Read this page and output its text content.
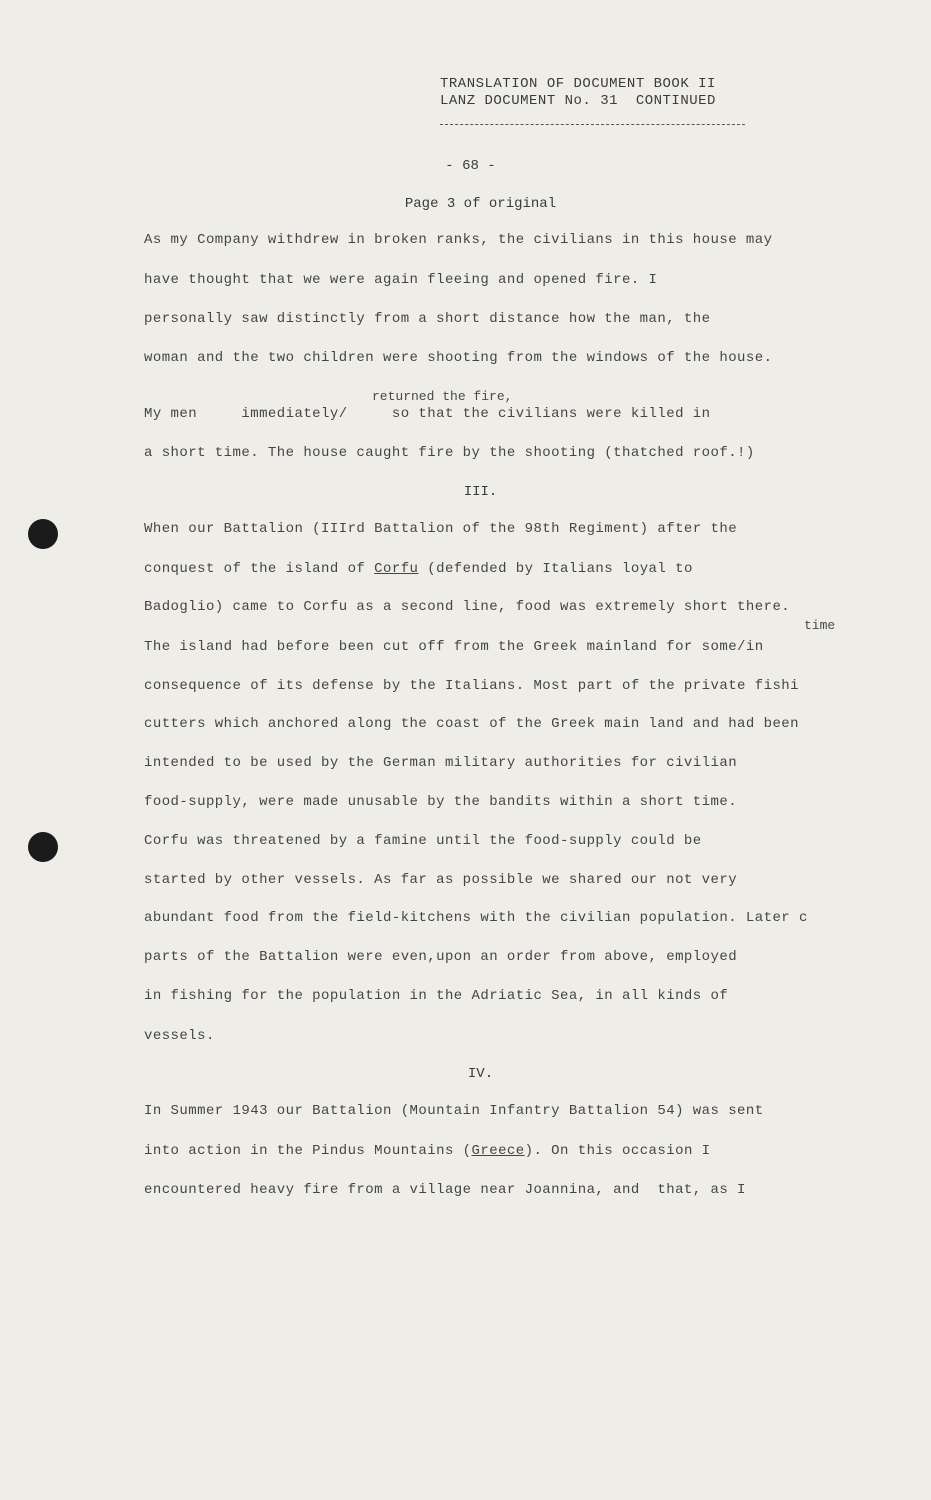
TRANSLATION OF DOCUMENT BOOK II
LANZ DOCUMENT No. 31  CONTINUED
- 68 -
Page 3 of original
As my Company withdrew in broken ranks, the civilians in this house may
have thought that we were again fleeing and opened fire. I
personally saw distinctly from a short distance how the man, the
woman and the two children were shooting from the windows of the house.
returned the fire,
My men     immediately/     so that the civilians were killed in
a short time. The house caught fire by the shooting (thatched roof.!)
III.
When our Battalion (IIIrd Battalion of the 98th Regiment) after the
conquest of the island of Corfu (defended by Italians loyal to
Badoglio) came to Corfu as a second line, food was extremely short there.
time
The island had before been cut off from the Greek mainland for some/in
consequence of its defense by the Italians. Most part of the private fishi
cutters which anchored along the coast of the Greek main land and had been
intended to be used by the German military authorities for civilian
food-supply, were made unusable by the bandits within a short time.
Corfu was threatened by a famine until the food-supply could be
started by other vessels. As far as possible we shared our not very
abundant food from the field-kitchens with the civilian population. Later c
parts of the Battalion were even,upon an order from above, employed
in fishing for the population in the Adriatic Sea, in all kinds of
vessels.
IV.
In Summer 1943 our Battalion (Mountain Infantry Battalion 54) was sent
into action in the Pindus Mountains (Greece). On this occasion I
encountered heavy fire from a village near Joannina, and  that, as I
